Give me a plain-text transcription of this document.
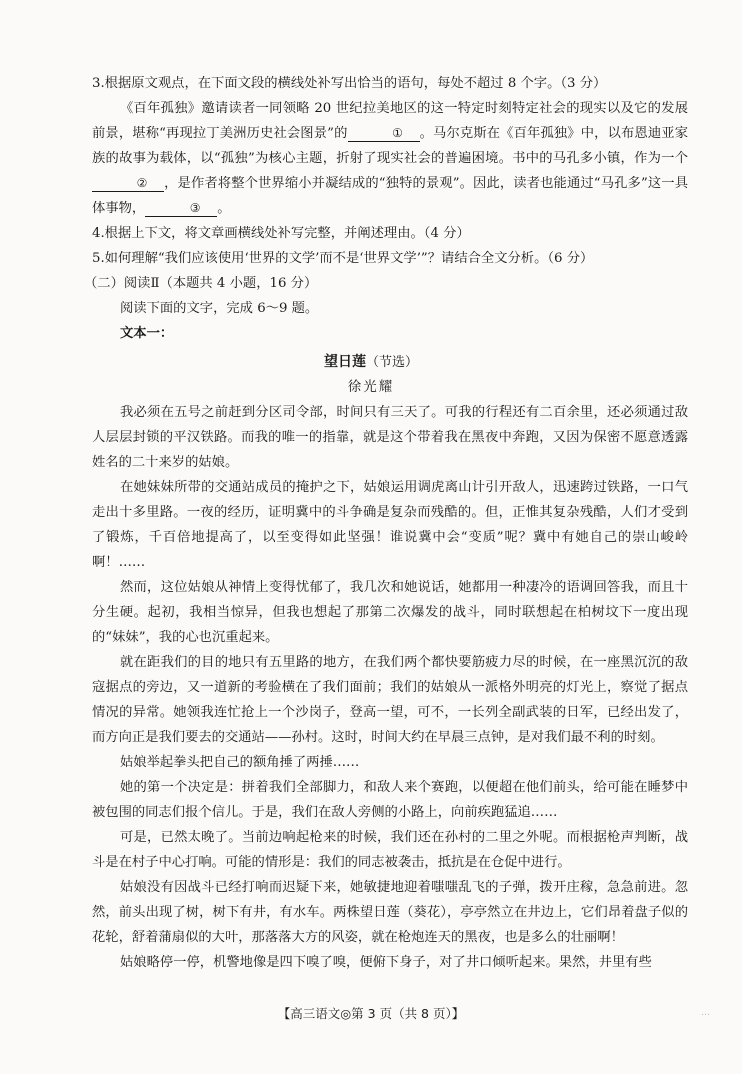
3.根据原文观点，在下面文段的横线处补写出恰当的语句，每处不超过 8 个字。（3 分）

《百年孤独》邀请读者一同领略 20 世纪拉美地区的这一特定时刻特定社会的现实以及它的发展前景，堪称“再现拉丁美洲历史社会图景”的	① 。马尔克斯在《百年孤独》中，以布恩迪亚家族的故事为载体，以“孤独”为核心主题，折射了现实社会的普遍困境。书中的马孔多小镇，作为一个② ，是作者将整个世界缩小并凝结成的“独特的景观”。因此，读者也能通过“马孔多”这一具体事物，	③ 。

4.根据上下文，将文章画横线处补写完整，并阐述理由。（4 分）

5.如何理解“我们应该使用‘世界的文学’而不是‘世界文学’”？请结合全文分析。（6 分）

（二）阅读Ⅱ（本题共 4 小题，16 分）

阅读下面的文字，完成 6～9 题。

文本一：

望日莲（节选）

徐光耀

我必须在五号之前赶到分区司令部，时间只有三天了。可我的行程还有二百余里，还必须通过敌人层层封锁的平汉铁路。而我的唯一的指靠，就是这个带着我在黑夜中奔跑，又因为保密不愿意透露姓名的二十来岁的姑娘。

在她妹妹所带的交通站成员的掩护之下，姑娘运用调虎离山计引开敌人，迅速跨过铁路，一口气走出十多里路。一夜的经历，证明冀中的斗争确是复杂而残酷的。但，正惟其复杂残酷，人们才受到了锻炼，千百倍地提高了，以至变得如此坚强！谁说冀中会“变质”呢？冀中有她自己的崇山峻岭啊！……

然而，这位姑娘从神情上变得忧郁了，我几次和她说话，她都用一种凄冷的语调回答我，而且十分生硬。起初，我相当惊异，但我也想起了那第二次爆发的战斗，同时联想起在柏树坟下一度出现的“妹妹”，我的心也沉重起来。

就在距我们的目的地只有五里路的地方，在我们两个都快要筋疲力尽的时候，在一座黑沉沉的敌寇据点的旁边，又一道新的考验横在了我们面前；我们的姑娘从一派格外明亮的灯光上，察觉了据点情况的异常。她领我连忙抢上一个沙岗子，登高一望，可不，一长列全副武装的日军，已经出发了，而方向正是我们要去的交通站——孙村。这时，时间大约在早晨三点钟，是对我们最不利的时刻。

姑娘举起拳头把自己的额角捶了两捶……

她的第一个决定是：拼着我们全部脚力，和敌人来个赛跑，以便超在他们前头，给可能在睡梦中被包围的同志们报个信儿。于是，我们在敌人旁侧的小路上，向前疾跑猛追……

可是，已然太晚了。当前边响起枪来的时候，我们还在孙村的二里之外呢。而根据枪声判断，战斗是在村子中心打响。可能的情形是：我们的同志被袭击，抵抗是在仓促中进行。

姑娘没有因战斗已经打响而迟疑下来，她敏捷地迎着嗤嗤乱飞的子弹，拨开庄稼，急急前进。忽然，前头出现了树，树下有井，有水车。两株望日莲（葵花），亭亭然立在井边上，它们昂着盘子似的花轮，舒着蒲扇似的大叶，那落落大方的风姿，就在枪炮连天的黑夜，也是多么的壮丽啊！

姑娘略停一停，机警地像是四下嗅了嗅，便俯下身子，对了井口倾听起来。果然，井里有些

【高三语文◎第 3 页（共 8 页）】	…
